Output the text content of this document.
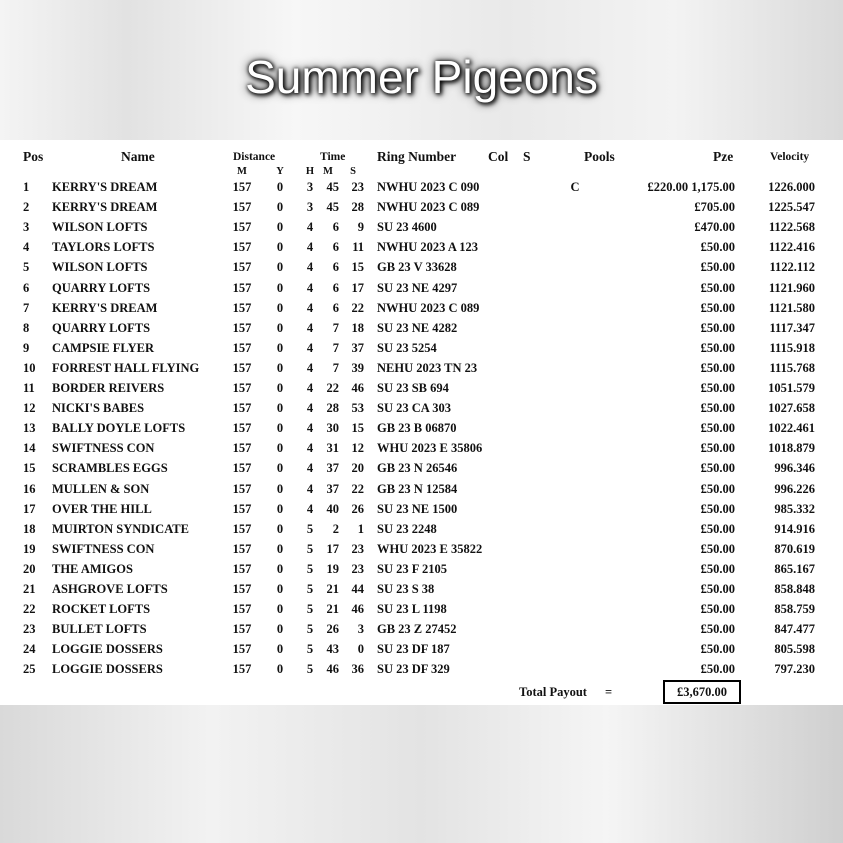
Summer Pigeons
Pos	Name	Distance	Time Ring Number Col S	Pools	Pze	Velocity
M	Y	H M	S
1 KERRY'S DREAM	157	0	3	45	23 NWHU 2023 C 090	C	£220.00 1,175.00	1226.000
2 KERRY'S DREAM	157	0	3	45	28 NWHU 2023 C 089	£705.00	1225.547
3 WILSON LOFTS	157	0	4	6	9 SU 23 4600	£470.00	1122.568
4 TAYLORS LOFTS	157	0	4	6	11 NWHU 2023 A 123	£50.00	1122.416
5 WILSON LOFTS	157	0	4	6	15 GB 23 V 33628	£50.00	1122.112
6 QUARRY LOFTS	157	0	4	6	17 SU 23 NE 4297	£50.00	1121.960
7 KERRY'S DREAM	157	0	4	6	22 NWHU 2023 C 089	£50.00	1121.580
8 QUARRY LOFTS	157	0	4	7	18 SU 23 NE 4282	£50.00	1117.347
9 CAMPSIE FLYER	157	0	4	7	37 SU 23 5254	£50.00	1115.918
10 FORREST HALL FLYING	157	0	4	7	39 NEHU 2023 TN 23	£50.00	1115.768
11 BORDER REIVERS	157	0	4	22	46 SU 23 SB 694	£50.00	1051.579
12 NICKI'S BABES	157	0	4	28	53 SU 23 CA 303	£50.00	1027.658
13 BALLY DOYLE LOFTS	157	0	4	30	15 GB 23 B 06870	£50.00	1022.461
14 SWIFTNESS CON	157	0	4	31	12 WHU 2023 E 35806	£50.00	1018.879
15 SCRAMBLES EGGS	157	0	4	37	20 GB 23 N 26546	£50.00	996.346
16 MULLEN & SON	157	0	4	37	22 GB 23 N 12584	£50.00	996.226
17 OVER THE HILL	157	0	4	40	26 SU 23 NE 1500	£50.00	985.332
18 MUIRTON SYNDICATE	157	0	5	2	1 SU 23 2248	£50.00	914.916
19 SWIFTNESS CON	157	0	5	17	23 WHU 2023 E 35822	£50.00	870.619
20 THE AMIGOS	157	0	5	19	23 SU 23 F 2105	£50.00	865.167
21 ASHGROVE LOFTS	157	0	5	21	44 SU 23 S 38	£50.00	858.848
22 ROCKET LOFTS	157	0	5	21	46 SU 23 L 1198	£50.00	858.759
23 BULLET LOFTS	157	0	5	26	3 GB 23 Z 27452	£50.00	847.477
24 LOGGIE DOSSERS	157	0	5	43	0 SU 23 DF 187	£50.00	805.598
25 LOGGIE DOSSERS	157	0	5	46	36 SU 23 DF 329	£50.00	797.230
Total Payout =	£3,670.00
